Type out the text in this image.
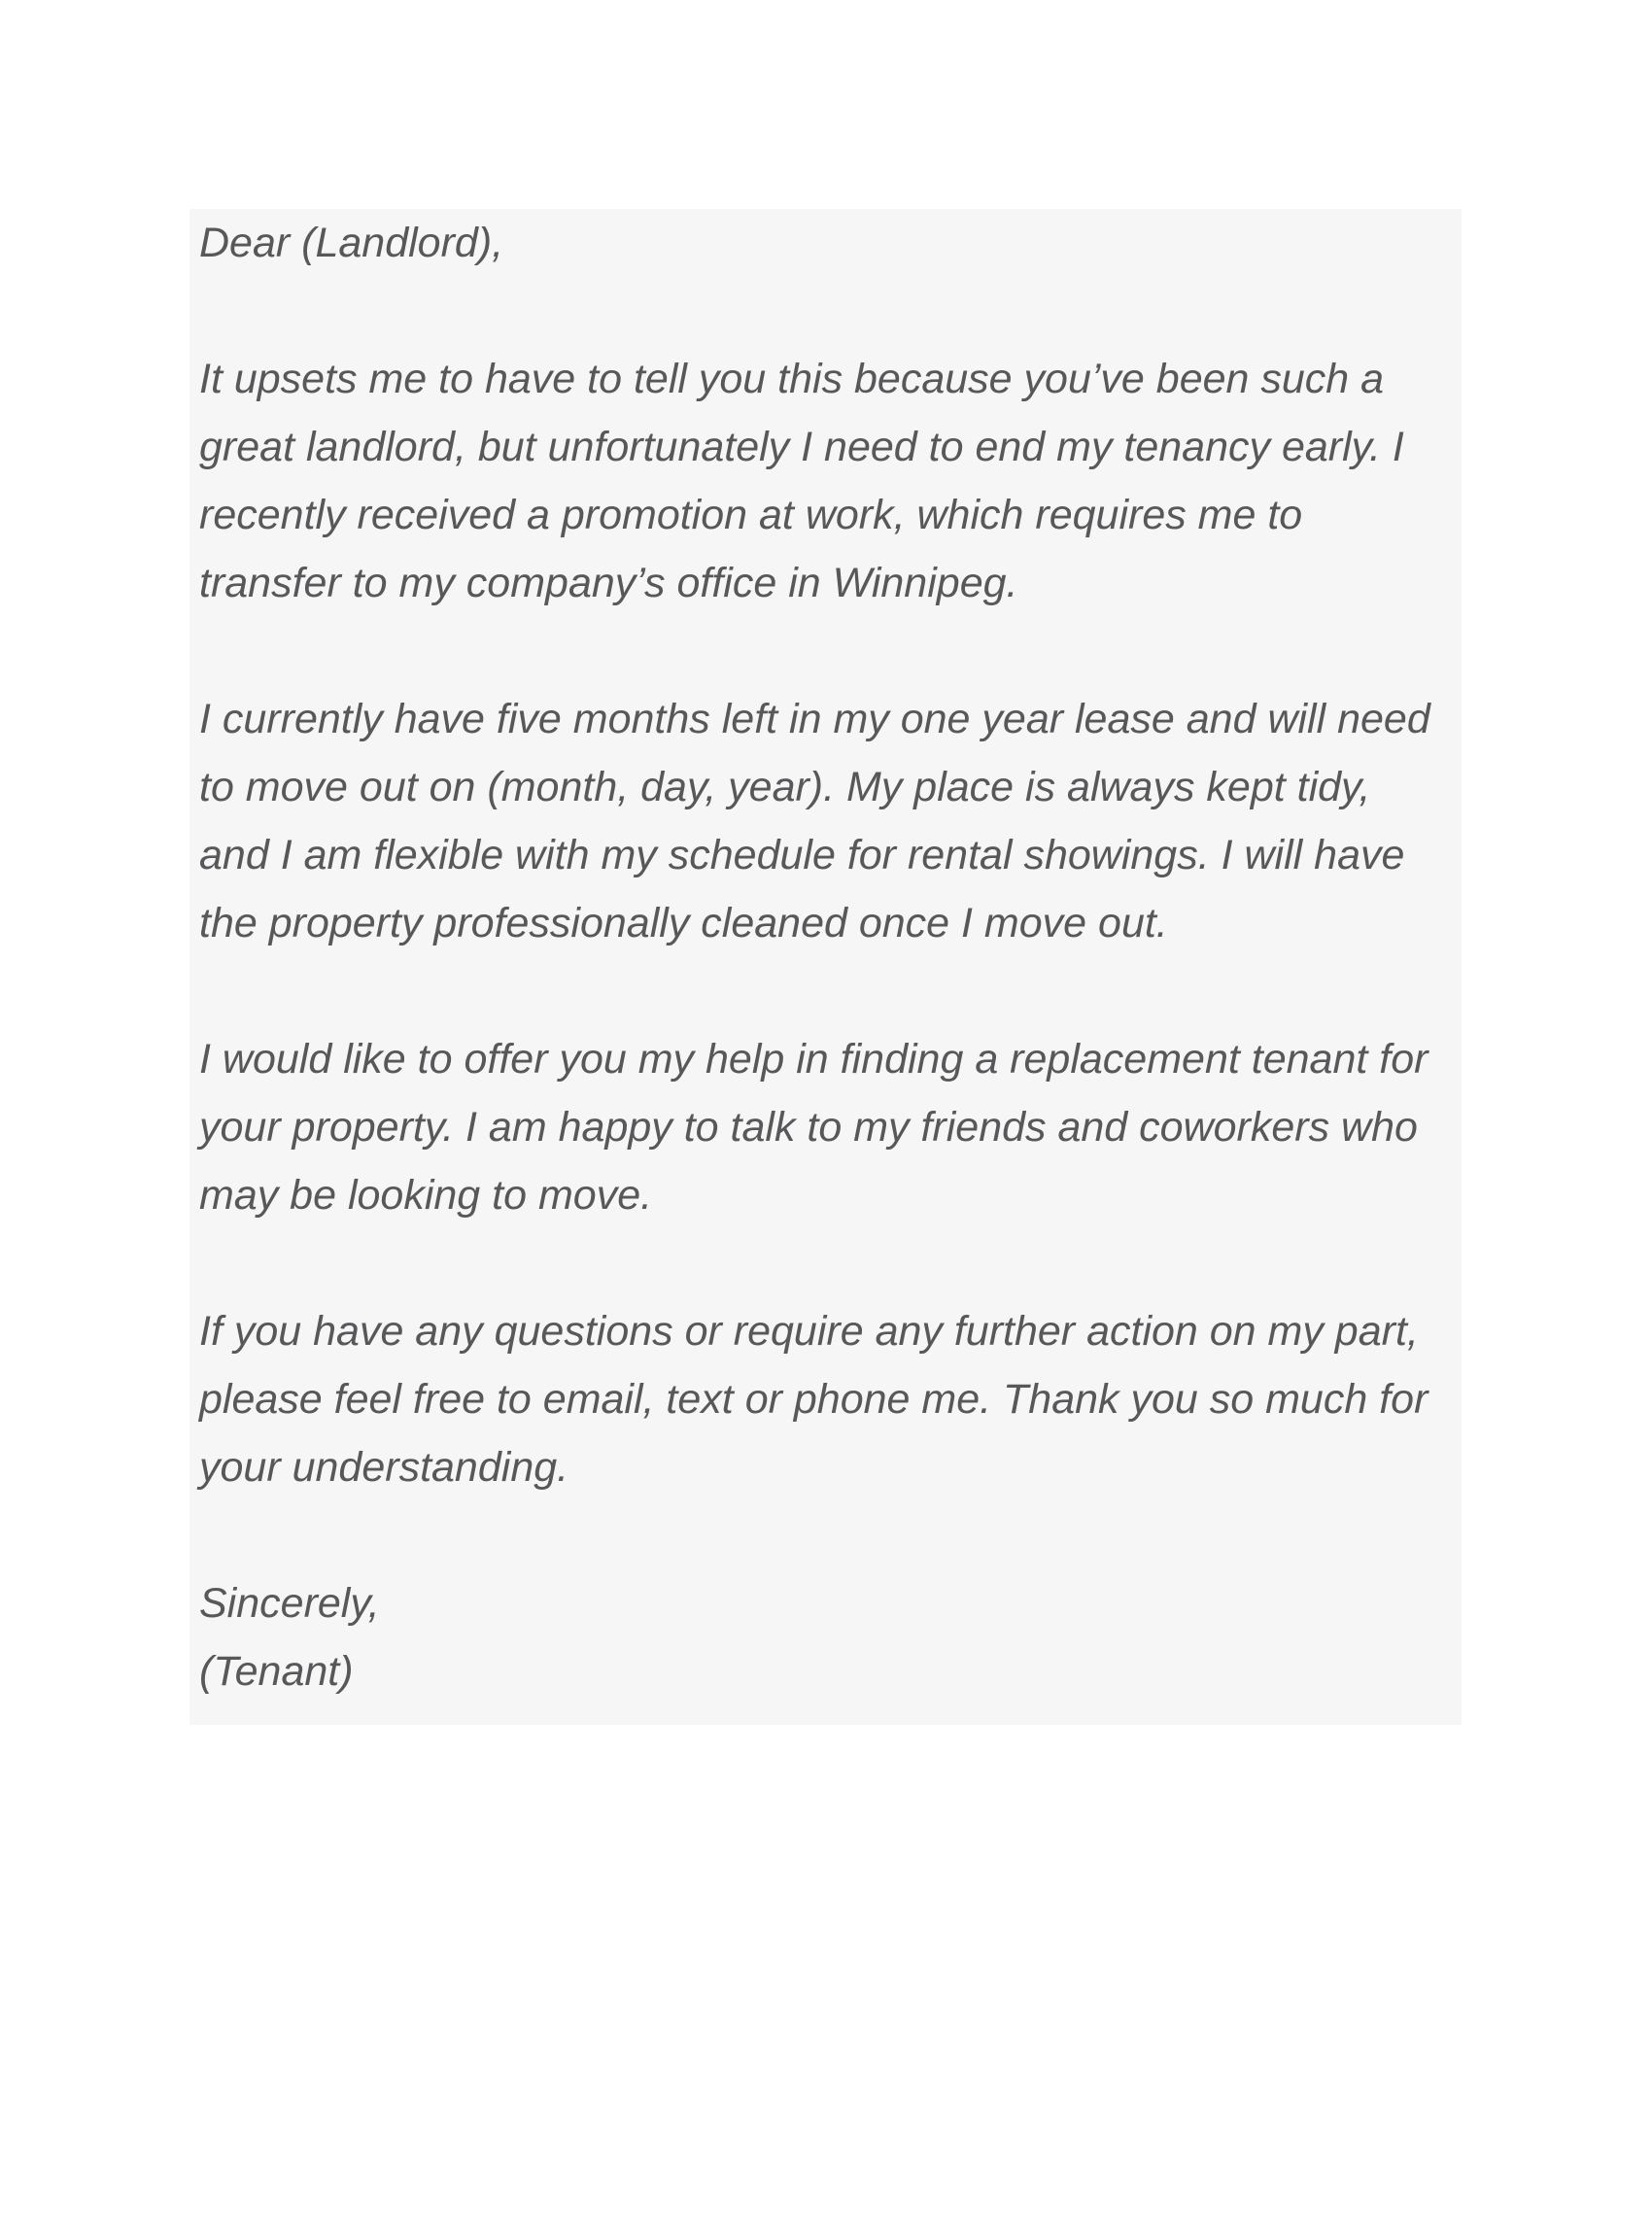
Dear (Landlord),
It upsets me to have to tell you this because you’ve been such a
great landlord, but unfortunately I need to end my tenancy early. I
recently received a promotion at work, which requires me to
transfer to my company’s office in Winnipeg.
I currently have five months left in my one year lease and will need
to move out on (month, day, year). My place is always kept tidy,
and I am flexible with my schedule for rental showings. I will have
the property professionally cleaned once I move out.
I would like to offer you my help in finding a replacement tenant for
your property. I am happy to talk to my friends and coworkers who
may be looking to move.
If you have any questions or require any further action on my part,
please feel free to email, text or phone me. Thank you so much for
your understanding.
Sincerely,
(Tenant)
